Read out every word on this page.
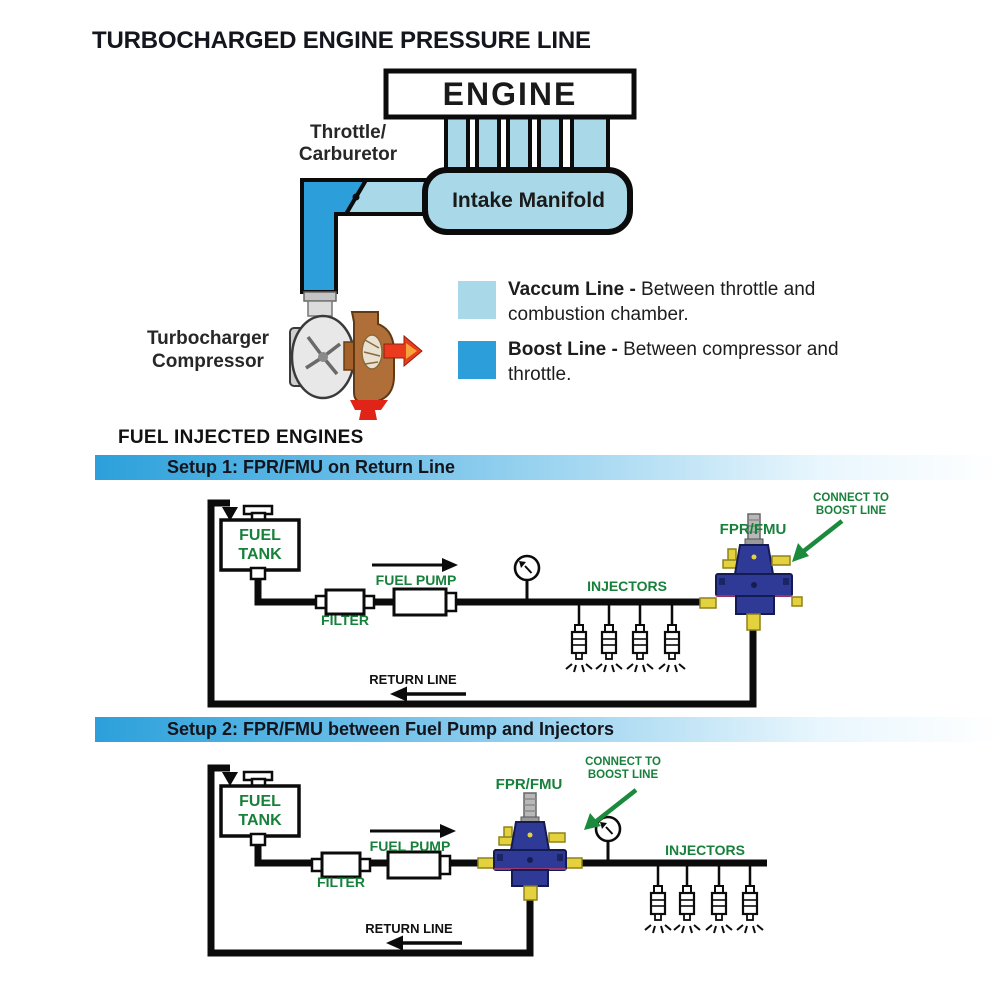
TURBOCHARGED ENGINE PRESSURE LINE
ENGINE
Intake Manifold
Throttle/
Carburetor
Turbocharger
Compressor
Vaccum Line - Between throttle and combustion chamber.
Boost Line - Between compressor and throttle.
FUEL INJECTED ENGINES
Setup 1: FPR/FMU on Return Line
FUEL
TANK
FILTER
FUEL PUMP	INJECTORS
FPR/FMU
CONNECT TO
BOOST LINE
RETURN LINE
Setup 2: FPR/FMU between Fuel Pump and Injectors
FUEL
TANK
FILTER
FUEL PUMP	INJECTORS
FPR/FMU
CONNECT TO
BOOST LINE
RETURN LINE
